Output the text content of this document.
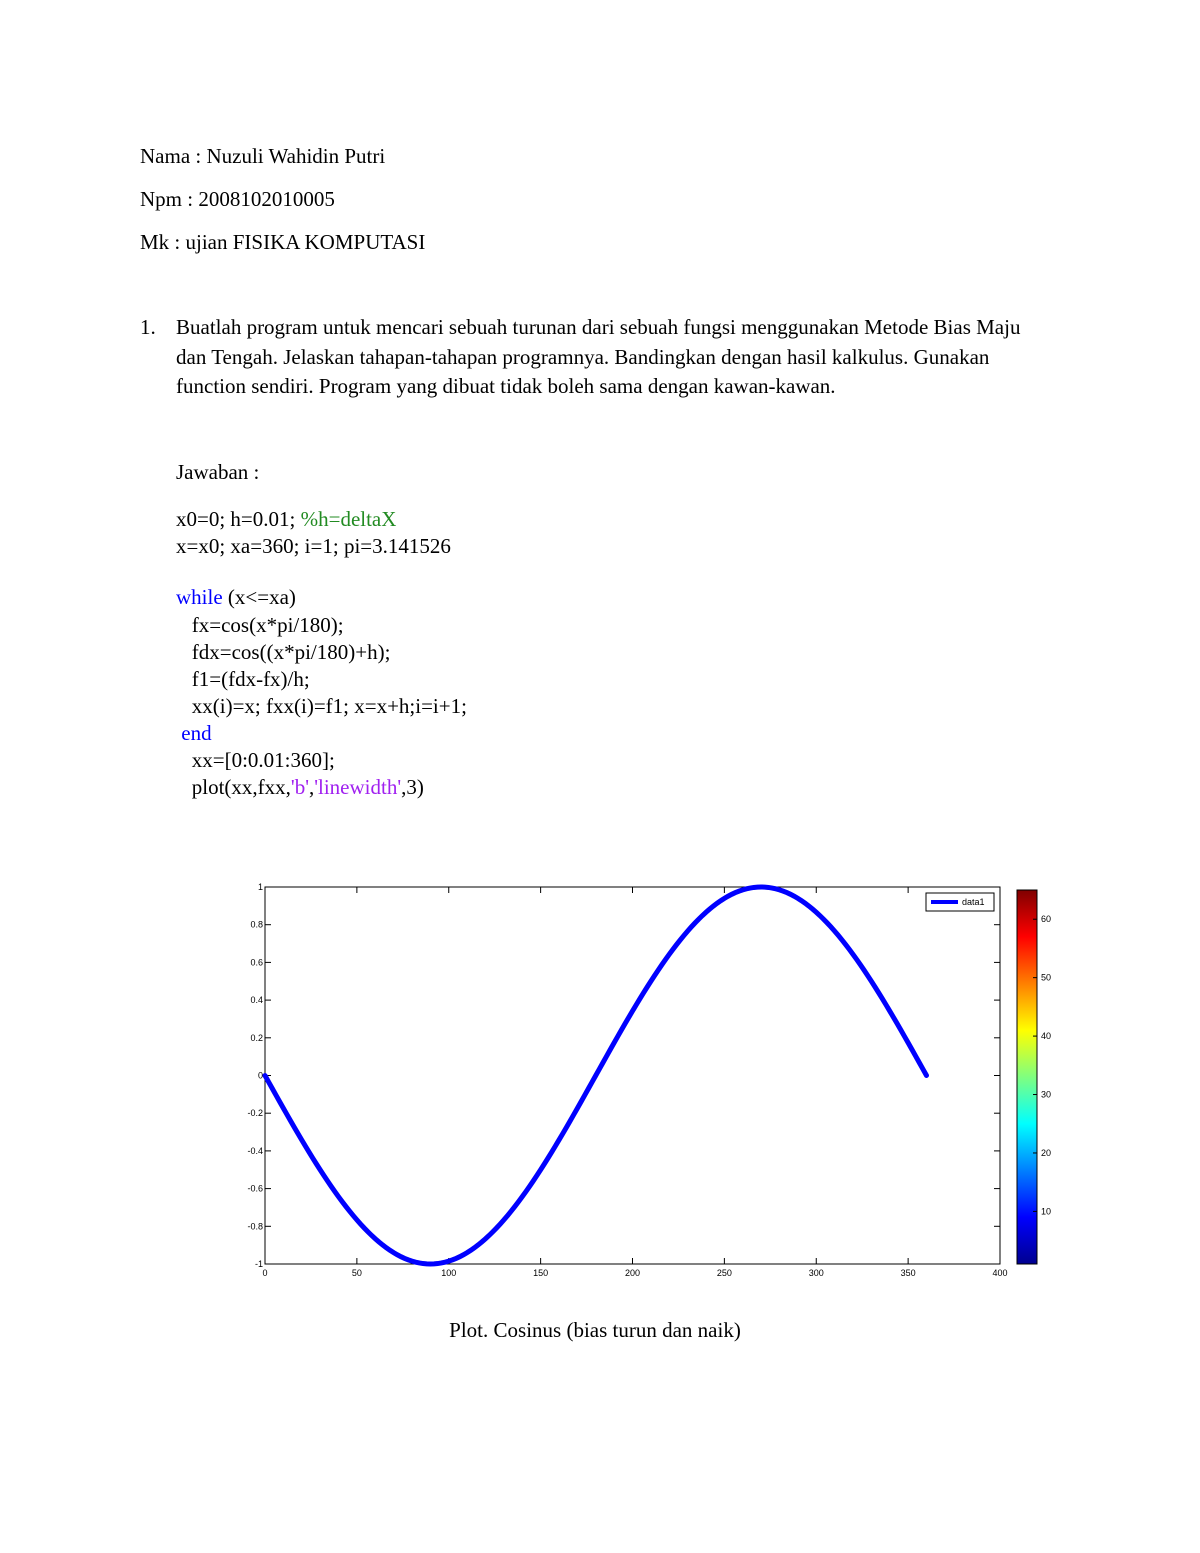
Nama : Nuzuli Wahidin Putri
Npm : 2008102010005
Mk : ujian FISIKA KOMPUTASI
1. Buatlah program untuk mencari sebuah turunan dari sebuah fungsi menggunakan Metode Bias Maju dan Tengah. Jelaskan tahapan-tahapan programnya. Bandingkan dengan hasil kalkulus. Gunakan function sendiri. Program yang dibuat tidak boleh sama dengan kawan-kawan.
Jawaban :
x0=0; h=0.01; %h=deltaX
x=x0; xa=360; i=1; pi=3.141526
while (x<=xa)
fx=cos(x*pi/180);
fdx=cos((x*pi/180)+h);
f1=(fdx-fx)/h;
xx(i)=x; fxx(i)=f1; x=x+h;i=i+1;
end
xx=[0:0.01:360];
plot(xx,fxx,'b','linewidth',3)
0	50	100	150	200	250	300	350	400
-1
-0.8
-0.6
-0.4
-0.2
0
0.2
0.4
0.6
0.8
1
data1
10
20
30
40
50
60
Plot. Cosinus (bias turun dan naik)
